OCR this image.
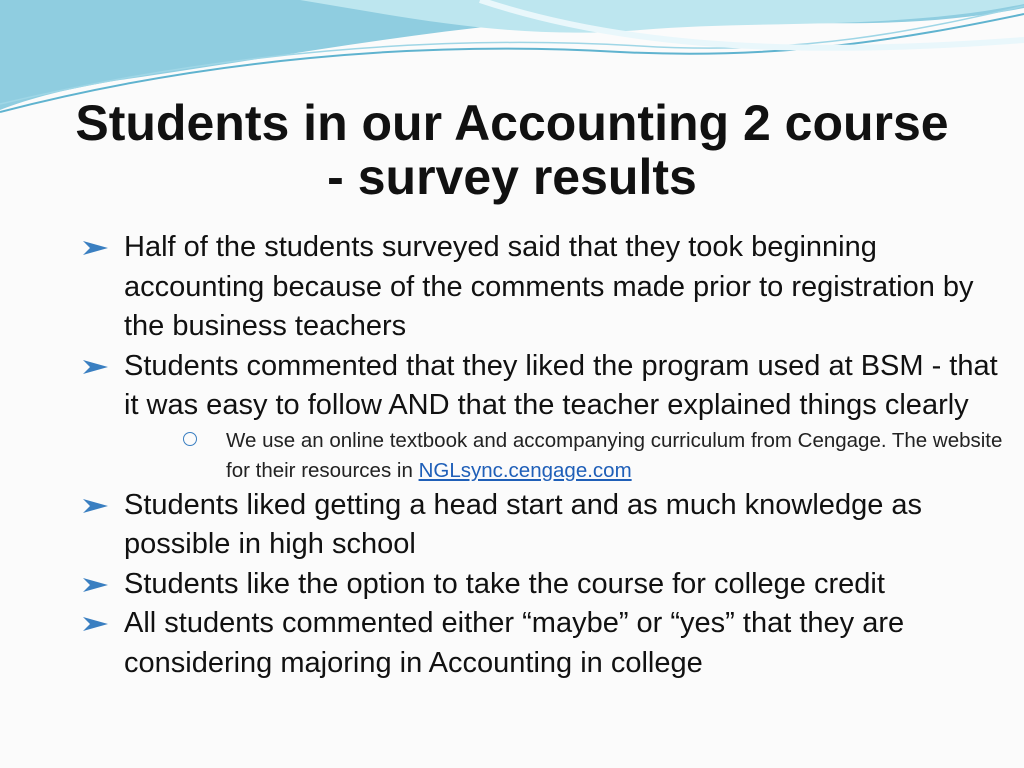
Students in our Accounting 2 course
- survey results
Half of the students surveyed said that they took beginning accounting because of the comments made prior to registration by the business teachers
Students commented that they liked the program used at BSM - that it was easy to follow AND that the teacher explained things clearly
We use an online textbook and accompanying curriculum from Cengage. The website for their resources in NGLsync.cengage.com
Students liked getting a head start and as much knowledge as possible in high school
Students like the option to take the course for college credit
All students commented either “maybe” or “yes” that they are considering majoring in Accounting in college
